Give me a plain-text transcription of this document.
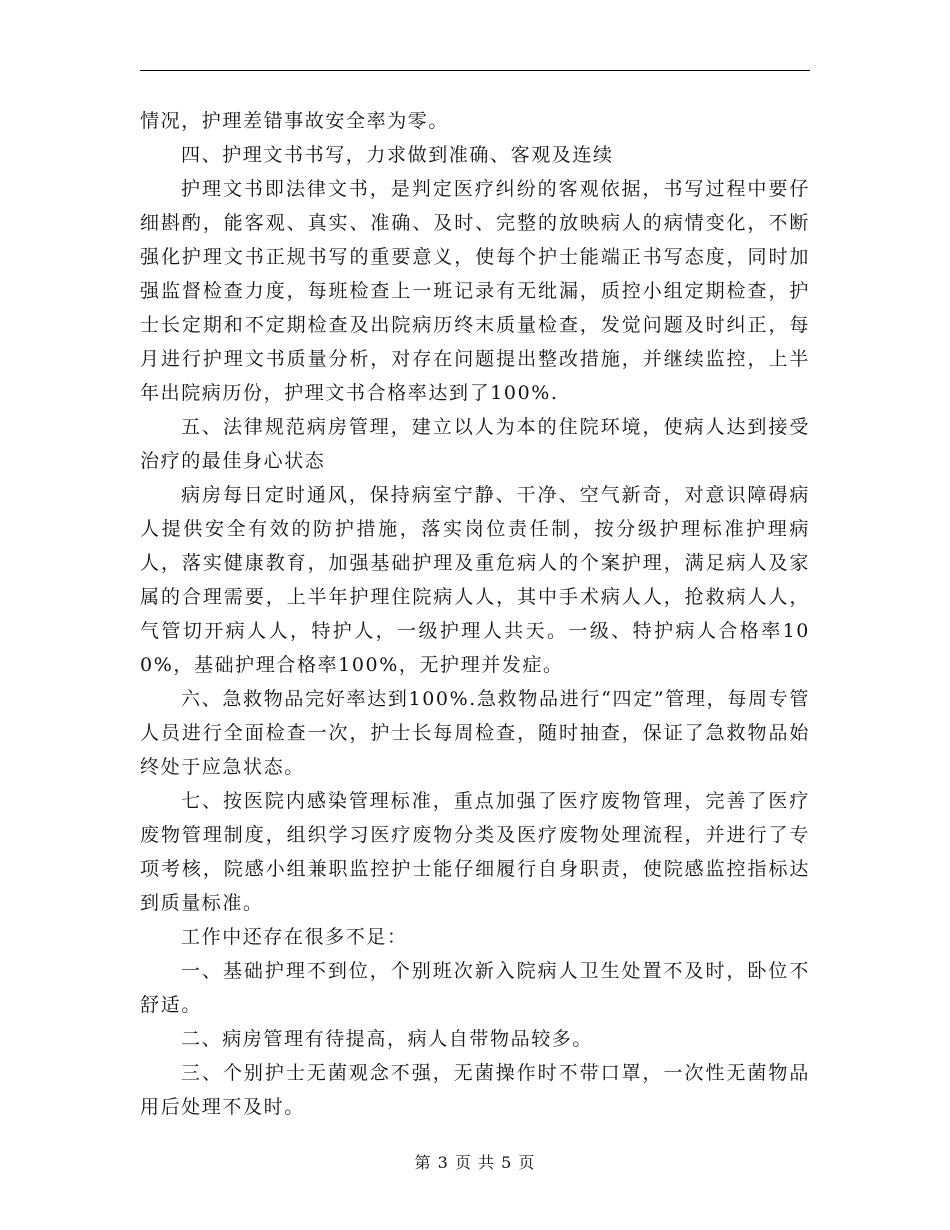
情况，护理差错事故安全率为零。

四、护理文书书写，力求做到准确、客观及连续

护理文书即法律文书，是判定医疗纠纷的客观依据，书写过程中要仔细斟酌，能客观、真实、准确、及时、完整的放映病人的病情变化，不断强化护理文书正规书写的重要意义，使每个护士能端正书写态度，同时加强监督检查力度，每班检查上一班记录有无纰漏，质控小组定期检查，护士长定期和不定期检查及出院病历终末质量检查，发觉问题及时纠正，每月进行护理文书质量分析，对存在问题提出整改措施，并继续监控，上半年出院病历份，护理文书合格率达到了100%.

五、法律规范病房管理，建立以人为本的住院环境，使病人达到接受治疗的最佳身心状态

病房每日定时通风，保持病室宁静、干净、空气新奇，对意识障碍病人提供安全有效的防护措施，落实岗位责任制，按分级护理标准护理病人，落实健康教育，加强基础护理及重危病人的个案护理，满足病人及家属的合理需要，上半年护理住院病人人，其中手术病人人，抢救病人人，气管切开病人人，特护人，一级护理人共天。一级、特护病人合格率100%，基础护理合格率100%，无护理并发症。

六、急救物品完好率达到100%.急救物品进行“四定”管理，每周专管人员进行全面检查一次，护士长每周检查，随时抽查，保证了急救物品始终处于应急状态。

七、按医院内感染管理标准，重点加强了医疗废物管理，完善了医疗废物管理制度，组织学习医疗废物分类及医疗废物处理流程，并进行了专项考核，院感小组兼职监控护士能仔细履行自身职责，使院感监控指标达到质量标准。

工作中还存在很多不足：

一、基础护理不到位，个别班次新入院病人卫生处置不及时，卧位不舒适。

二、病房管理有待提高，病人自带物品较多。

三、个别护士无菌观念不强，无菌操作时不带口罩，一次性无菌物品用后处理不及时。

第 3 页 共 5 页
